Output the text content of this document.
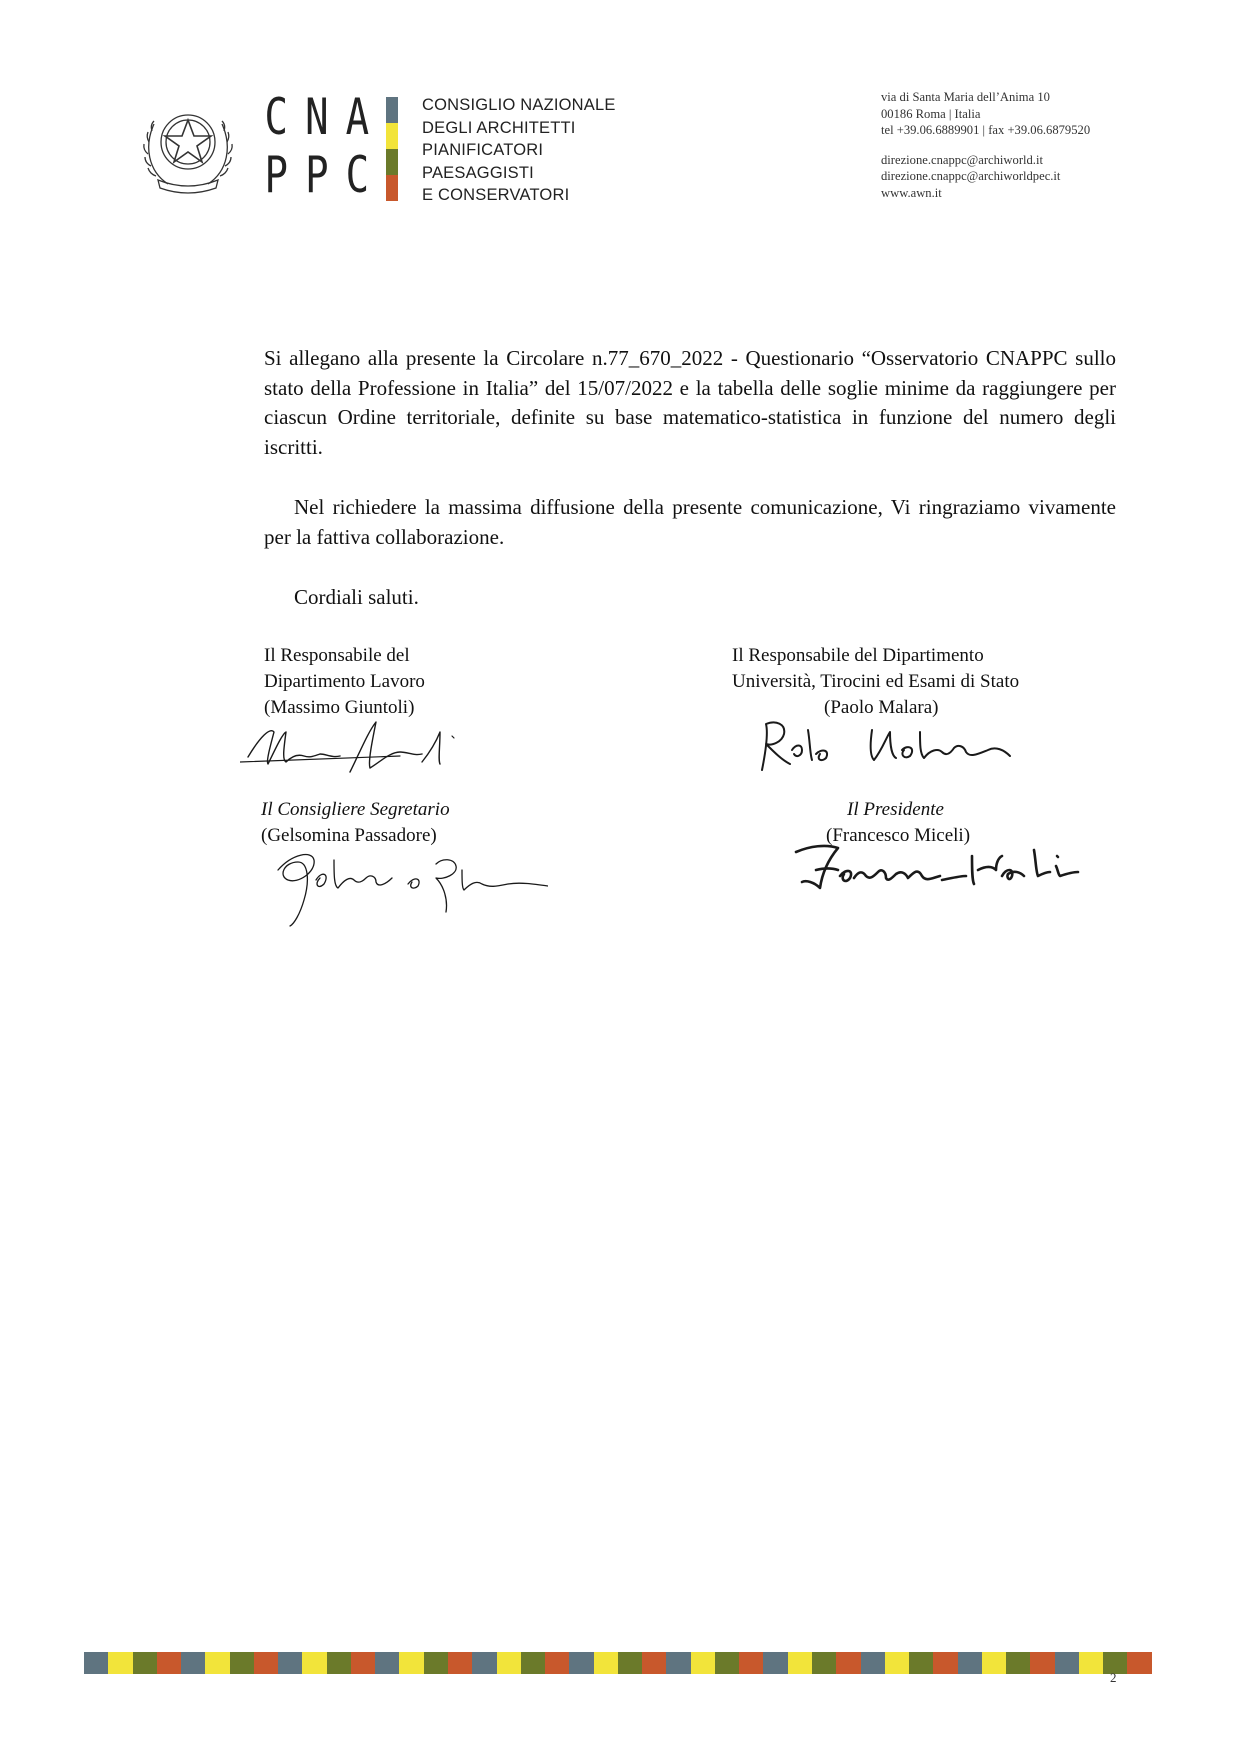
C N A
P P C
CONSIGLIO NAZIONALE
DEGLI ARCHITETTI
PIANIFICATORI
PAESAGGISTI
E CONSERVATORI
via di Santa Maria dell’Anima 10
00186 Roma | Italia
tel +39.06.6889901 | fax +39.06.6879520
direzione.cnappc@archiworld.it
direzione.cnappc@archiworldpec.it
www.awn.it
Si allegano alla presente la Circolare n.77_670_2022 - Questionario “Osservatorio CNAPPC sullo stato della Professione in Italia” del 15/07/2022 e la tabella delle soglie minime da raggiungere per ciascun Ordine territoriale, definite su base matematico-statistica in funzione del numero degli iscritti.
Nel richiedere la massima diffusione della presente comunicazione, Vi ringraziamo vivamente per la fattiva collaborazione.
Cordiali saluti.
Il Responsabile del
Dipartimento Lavoro
(Massimo Giuntoli)
Il Responsabile del Dipartimento
Università, Tirocini ed Esami di Stato
(Paolo Malara)
Il Consigliere Segretario
(Gelsomina Passadore)
Il Presidente
(Francesco Miceli)
2
